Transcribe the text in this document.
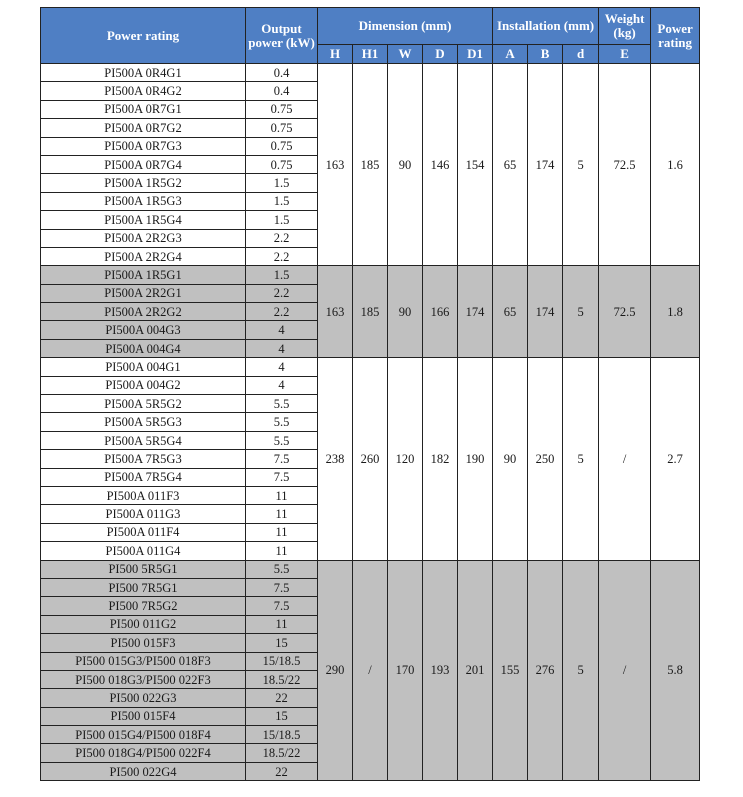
Power rating	Output power (kW)	Dimension (mm)					Installation (mm)			Weight (kg)	Power rating
		H	H1	W	D	D1	A	B	d	E	
PI500A 0R4G1	0.4	163	185	90	146	154	65	174	5	72.5	1.6
PI500A 0R4G2	0.4										
PI500A 0R7G1	0.75										
PI500A 0R7G2	0.75										
PI500A 0R7G3	0.75										
PI500A 0R7G4	0.75										
PI500A 1R5G2	1.5										
PI500A 1R5G3	1.5										
PI500A 1R5G4	1.5										
PI500A 2R2G3	2.2										
PI500A 2R2G4	2.2										
PI500A 1R5G1	1.5	163	185	90	166	174	65	174	5	72.5	1.8
PI500A 2R2G1	2.2										
PI500A 2R2G2	2.2										
PI500A 004G3	4										
PI500A 004G4	4										
PI500A 004G1	4	238	260	120	182	190	90	250	5	/	2.7
PI500A 004G2	4										
PI500A 5R5G2	5.5										
PI500A 5R5G3	5.5										
PI500A 5R5G4	5.5										
PI500A 7R5G3	7.5										
PI500A 7R5G4	7.5										
PI500A 011F3	11										
PI500A 011G3	11										
PI500A 011F4	11										
PI500A 011G4	11										
PI500 5R5G1	5.5	290	/	170	193	201	155	276	5	/	5.8
PI500 7R5G1	7.5										
PI500 7R5G2	7.5										
PI500 011G2	11										
PI500 015F3	15										
PI500 015G3/PI500 018F3	15/18.5										
PI500 018G3/PI500 022F3	18.5/22										
PI500 022G3	22										
PI500 015F4	15										
PI500 015G4/PI500 018F4	15/18.5										
PI500 018G4/PI500 022F4	18.5/22										
PI500 022G4	22										
